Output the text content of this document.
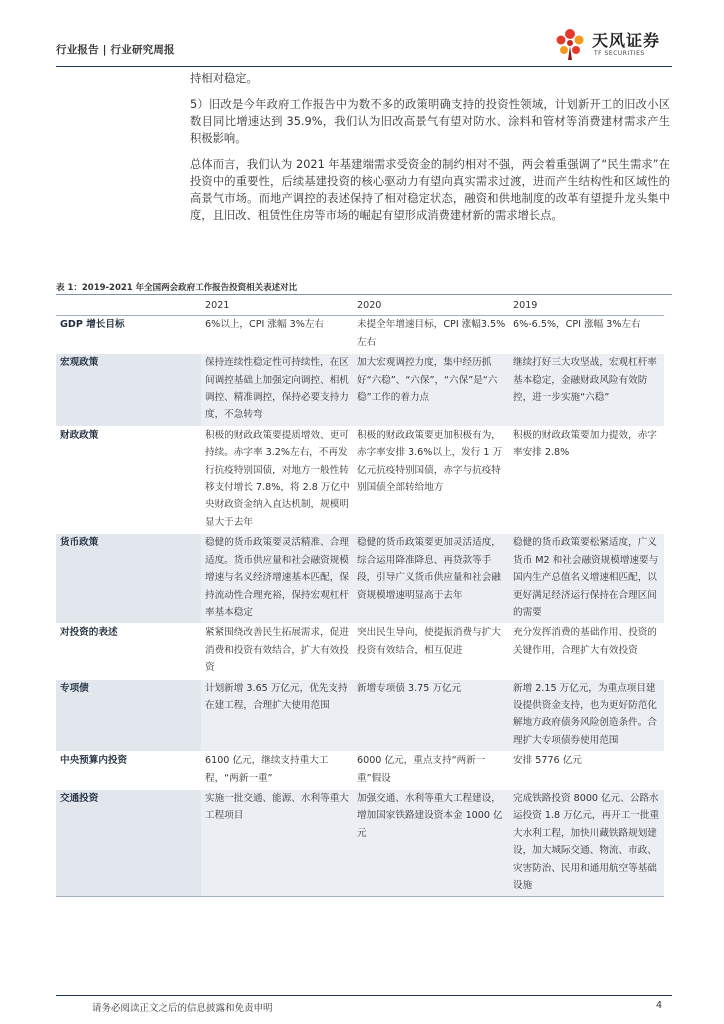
行业报告 | 行业研究周报	天风证券
TF SECURITIES

持相对稳定。

5）旧改是今年政府工作报告中为数不多的政策明确支持的投资性领域，计划新开工的旧改小区数目同比增速达到 35.9%，我们认为旧改高景气有望对防水、涂料和管材等消费建材需求产生积极影响。

总体而言，我们认为 2021 年基建端需求受资金的制约相对不强，两会着重强调了“民生需求”在投资中的重要性，后续基建投资的核心驱动力有望向真实需求过渡，进而产生结构性和区域性的高景气市场。而地产调控的表述保持了相对稳定状态，融资和供地制度的改革有望提升龙头集中度，且旧改、租赁性住房等市场的崛起有望形成消费建材新的需求增长点。

表 1：2019-2021 年全国两会政府工作报告投资相关表述对比
	2021	2020	2019
GDP 增长目标	6%以上，CPI 涨幅 3%左右	未提全年增速目标，CPI 涨幅3.5%左右	6%-6.5%，CPI 涨幅 3%左右
宏观政策	保持连续性稳定性可持续性，在区间调控基础上加强定向调控、相机调控、精准调控，保持必要支持力度，不急转弯	加大宏观调控力度，集中经历抓好“六稳”、“六保”，“六保”是“六稳”工作的着力点	继续打好三大攻坚战，宏观杠杆率基本稳定，金融财政风险有效防控，进一步实施“六稳”
财政政策	积极的财政政策要提质增效、更可持续。赤字率 3.2%左右，不再发行抗疫特别国债，对地方一般性转移支付增长 7.8%，将 2.8 万亿中央财政资金纳入直达机制，规模明显大于去年	积极的财政政策要更加积极有为，赤字率安排 3.6%以上，发行 1 万亿元抗疫特别国债，赤字与抗疫特别国债全部转给地方	积极的财政政策要加力提效，赤字率安排 2.8%
货币政策	稳健的货币政策要灵活精准、合理适度。货币供应量和社会融资规模增速与名义经济增速基本匹配，保持流动性合理充裕，保持宏观杠杆率基本稳定	稳健的货币政策要更加灵活适度，综合运用降准降息、再贷款等手段，引导广义货币供应量和社会融资规模增速明显高于去年	稳健的货币政策要松紧适度，广义货币 M2 和社会融资规模增速要与国内生产总值名义增速相匹配，以更好满足经济运行保持在合理区间的需要
对投资的表述	紧紧围绕改善民生拓展需求，促进消费和投资有效结合，扩大有效投资	突出民生导向，使提振消费与扩大投资有效结合，相互促进	充分发挥消费的基础作用、投资的关键作用，合理扩大有效投资
专项债	计划新增 3.65 万亿元，优先支持在建工程，合理扩大使用范围	新增专项债 3.75 万亿元	新增 2.15 万亿元，为重点项目建设提供资金支持，也为更好防范化解地方政府债务风险创造条件。合理扩大专项债券使用范围
中央预算内投资	6100 亿元，继续支持重大工程，“两新一重”	6000 亿元，重点支持“两新一重”假设	安排 5776 亿元
交通投资	实施一批交通、能源、水利等重大工程项目	加强交通、水利等重大工程建设，增加国家铁路建设资本金 1000 亿元	完成铁路投资 8000 亿元、公路水运投资 1.8 万亿元，再开工一批重大水利工程，加快川藏铁路规划建设，加大城际交通、物流、市政、灾害防治、民用和通用航空等基础设施
请务必阅读正文之后的信息披露和免责申明	4
